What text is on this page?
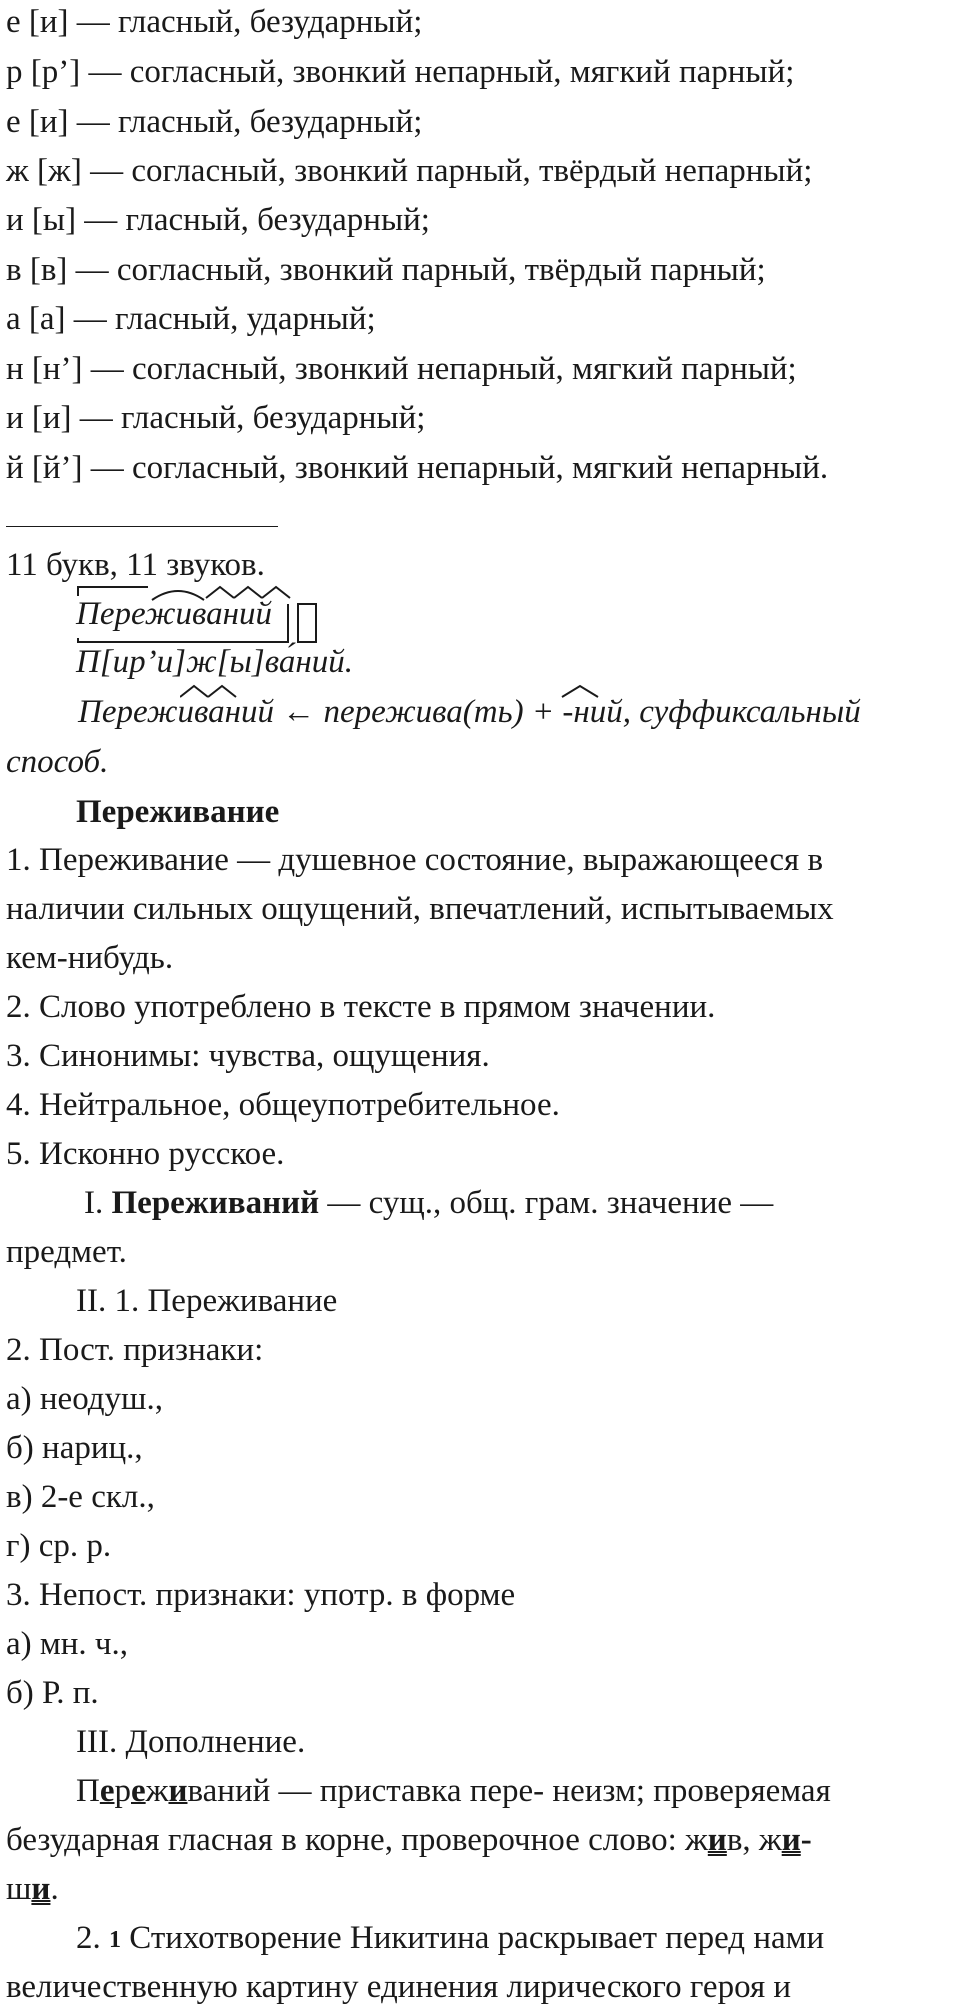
е [и] — гласный, безударный;
р [р’] — согласный, звонкий непарный, мягкий парный;
е [и] — гласный, безударный;
ж [ж] — согласный, звонкий парный, твёрдый непарный;
и [ы] — гласный, безударный;
в [в] — согласный, звонкий парный, твёрдый парный;
а [а] — гласный, ударный;
н [н’] — согласный, звонкий непарный, мягкий парный;
и [и] — гласный, безударный;
й [й’] — согласный, звонкий непарный, мягкий непарный.
11 букв, 11 звуков.
Переживаний
П[ир’и]ж[ы]ва́ний.
Переживаний ← пережива(ть) + -ний, суффиксальный
способ.
Переживание
1. Переживание — душевное состояние, выражающееся в
наличии сильных ощущений, впечатлений, испытываемых
кем-нибудь.
2. Слово употреблено в тексте в прямом значении.
3. Синонимы: чувства, ощущения.
4. Нейтральное, общеупотребительное.
5. Исконно русское.
I. Переживаний — сущ., общ. грам. значение —
предмет.
II. 1. Переживание
2. Пост. признаки:
а) неодуш.,
б) нариц.,
в) 2-е скл.,
г) ср. р.
3. Непост. признаки: употр. в форме
а) мн. ч.,
б) Р. п.
III. Дополнение.
Переживаний — приставка пере- неизм; проверяемая
безударная гласная в корне, проверочное слово: жив, жи-
ши.
2. 1 Стихотворение Никитина раскрывает перед нами
величественную картину единения лирического героя и
